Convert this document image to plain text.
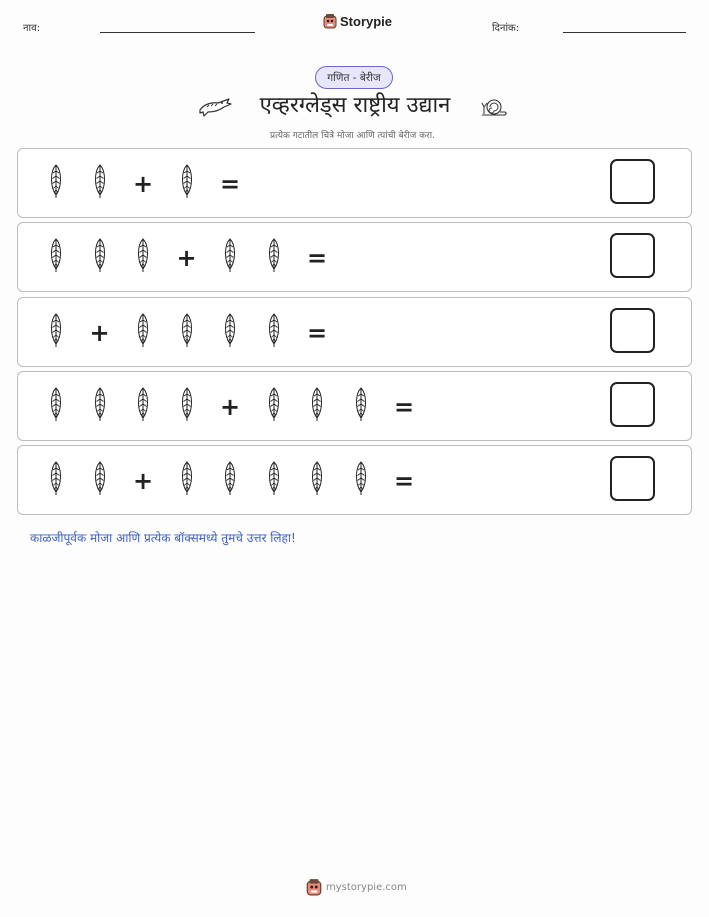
नाव:	Storypie	दिनांक:
गणित - बेरीज
एव्हरग्लेड्स राष्ट्रीय उद्यान
प्रत्येक गटातील चित्रे मोजा आणि त्यांची बेरीज करा.
+	=
+	=
+	=
+	=
+	=
काळजीपूर्वक मोजा आणि प्रत्येक बॉक्समध्ये तुमचे उत्तर लिहा!
mystorypie.com
